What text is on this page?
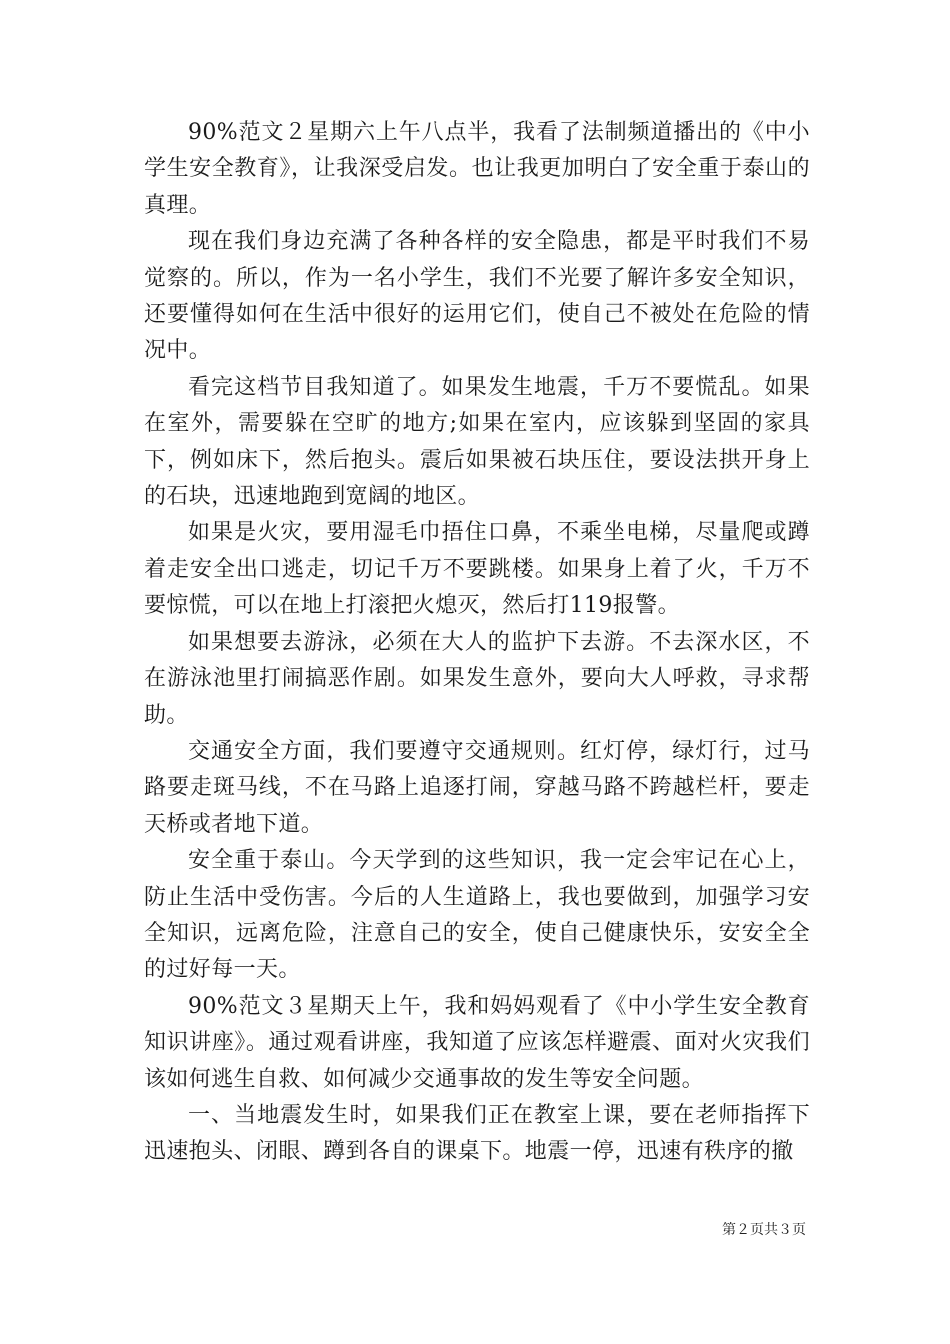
90%范文２星期六上午八点半，我看了法制频道播出的《中小学生安全教育》，让我深受启发。也让我更加明白了安全重于泰山的真理。

现在我们身边充满了各种各样的安全隐患，都是平时我们不易觉察的。所以，作为一名小学生，我们不光要了解许多安全知识，还要懂得如何在生活中很好的运用它们，使自己不被处在危险的情况中。

看完这档节目我知道了。如果发生地震，千万不要慌乱。如果在室外，需要躲在空旷的地方;如果在室内，应该躲到坚固的家具下，例如床下，然后抱头。震后如果被石块压住，要设法拱开身上的石块，迅速地跑到宽阔的地区。

如果是火灾，要用湿毛巾捂住口鼻，不乘坐电梯，尽量爬或蹲着走安全出口逃走，切记千万不要跳楼。如果身上着了火，千万不要惊慌，可以在地上打滚把火熄灭，然后打119报警。

如果想要去游泳，必须在大人的监护下去游。不去深水区，不在游泳池里打闹搞恶作剧。如果发生意外，要向大人呼救，寻求帮助。

交通安全方面，我们要遵守交通规则。红灯停，绿灯行，过马路要走斑马线，不在马路上追逐打闹，穿越马路不跨越栏杆，要走天桥或者地下道。

安全重于泰山。今天学到的这些知识，我一定会牢记在心上，防止生活中受伤害。今后的人生道路上，我也要做到，加强学习安全知识，远离危险，注意自己的安全，使自己健康快乐，安安全全的过好每一天。

90%范文３星期天上午，我和妈妈观看了《中小学生安全教育知识讲座》。通过观看讲座，我知道了应该怎样避震、面对火灾我们该如何逃生自救、如何减少交通事故的发生等安全问题。

一、当地震发生时，如果我们正在教室上课，要在老师指挥下迅速抱头、闭眼、蹲到各自的课桌下。地震一停，迅速有秩序的撤

第２页共３页
